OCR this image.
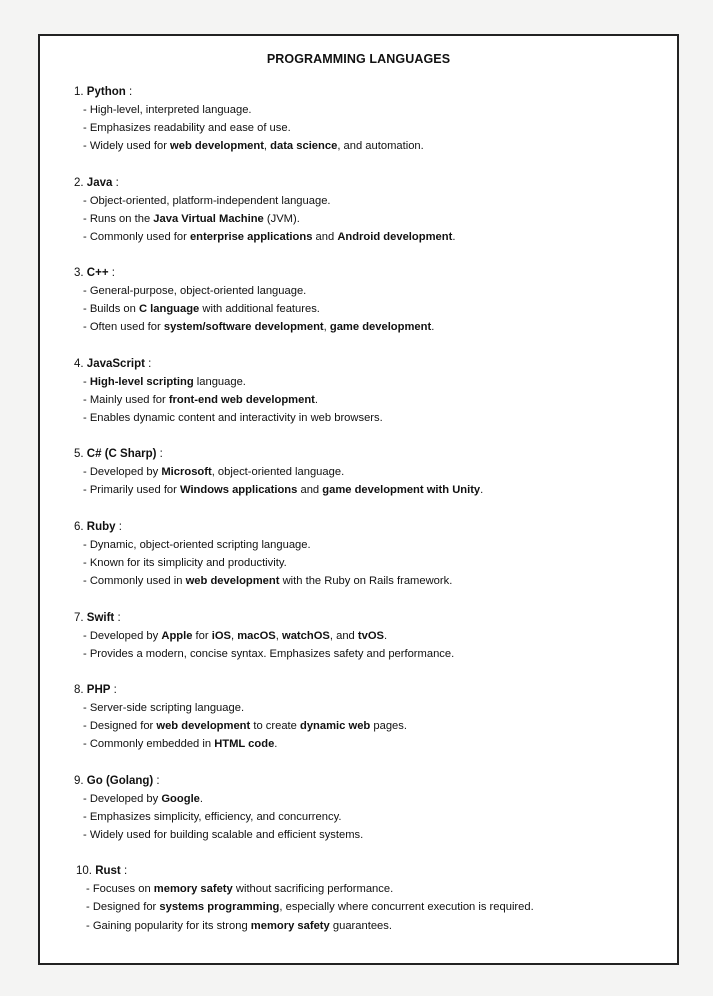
PROGRAMMING LANGUAGES
1. Python :
- High-level, interpreted language.
- Emphasizes readability and ease of use.
- Widely used for web development, data science, and automation.
2. Java :
- Object-oriented, platform-independent language.
- Runs on the Java Virtual Machine (JVM).
- Commonly used for enterprise applications and Android development.
3. C++ :
- General-purpose, object-oriented language.
- Builds on C language with additional features.
- Often used for system/software development, game development.
4. JavaScript :
- High-level scripting language.
- Mainly used for front-end web development.
- Enables dynamic content and interactivity in web browsers.
5. C# (C Sharp) :
- Developed by Microsoft, object-oriented language.
- Primarily used for Windows applications and game development with Unity.
6. Ruby :
- Dynamic, object-oriented scripting language.
- Known for its simplicity and productivity.
- Commonly used in web development with the Ruby on Rails framework.
7. Swift :
- Developed by Apple for iOS, macOS, watchOS, and tvOS.
- Provides a modern, concise syntax. Emphasizes safety and performance.
8. PHP :
- Server-side scripting language.
- Designed for web development to create dynamic web pages.
- Commonly embedded in HTML code.
9. Go (Golang) :
- Developed by Google.
- Emphasizes simplicity, efficiency, and concurrency.
- Widely used for building scalable and efficient systems.
10. Rust :
- Focuses on memory safety without sacrificing performance.
- Designed for systems programming, especially where concurrent execution is required.
- Gaining popularity for its strong memory safety guarantees.
